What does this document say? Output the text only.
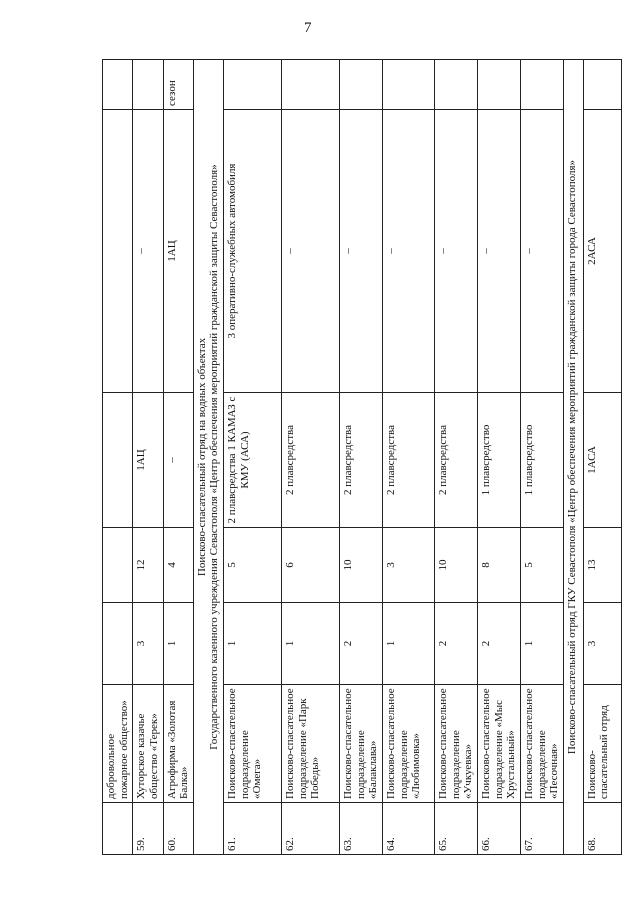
7
	добровольное пожарное общество»					
59.	Хуторское казачье общество «Терек»	3	12	1АЦ	–	
60.	Агрофирма «Золотая Балка»	1	4	–	1АЦ	сезон

Поисково-спасательный отряд на водных объектах Государственного казенного учреждения Севастополя «Центр обеспечения мероприятий гражданской защиты Севастополя»						

61.	Поисково-спасательное подразделение «Омега»	1	5	2 плавсредства 1 КАМАЗ с КМУ (АСА)	3 оперативно-служебных автомобиля	
62.	Поисково-спасательное подразделение «Парк Победы»	1	6	2 плавсредства	–	
63.	Поисково-спасательное подразделение «Балаклава»	2	10	2 плавсредства	–	
64.	Поисково-спасательное подразделение «Любимовка»	1	3	2 плавсредства	–	
65.	Поисково-спасательное подразделение «Учкуевка»	2	10	2 плавсредства	–	
66.	Поисково-спасательное подразделение «Мыс Хрустальный»	2	8	1 плавсредство	–	
67.	Поисково-спасательное подразделение «Песочная»	1	5	1 плавсредство	–	

Поисково-спасательный отряд ГКУ Севастополя «Центр обеспечения мероприятий гражданской защиты города Севастополя»						

68.	Поисково-спасательный отряд	3	13	1АСА	2АСА	
